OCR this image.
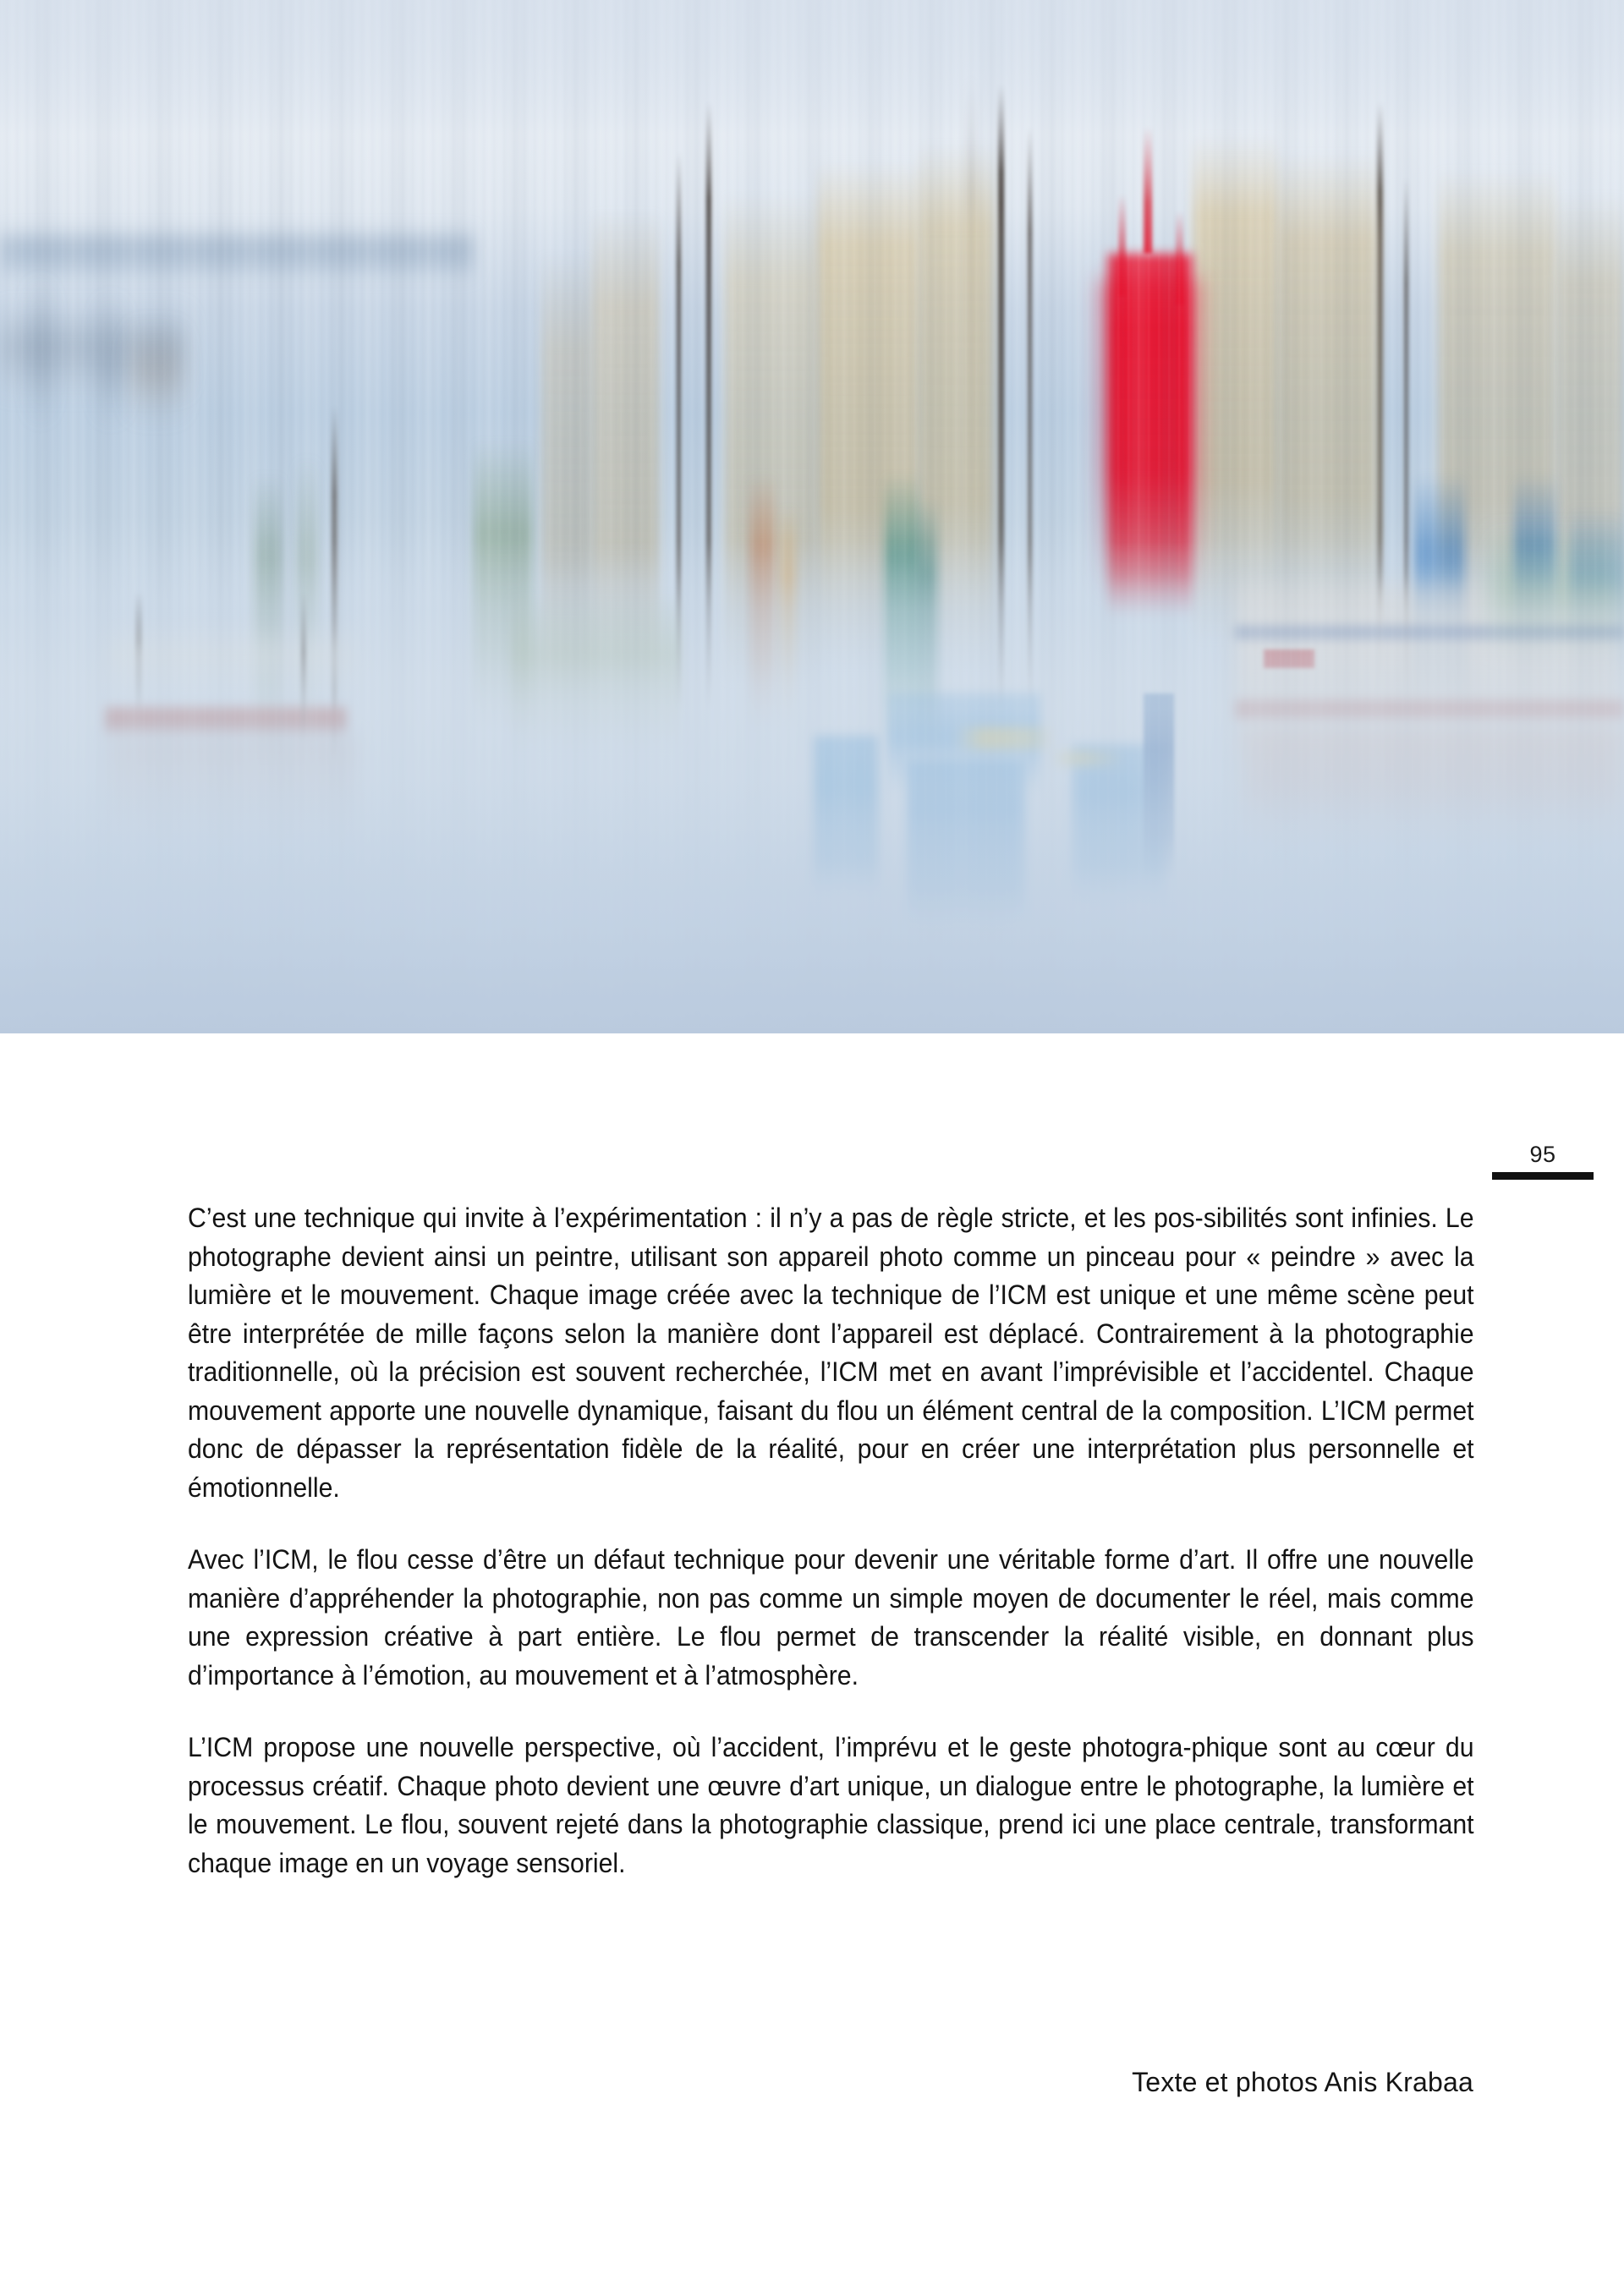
95

C’est une technique qui invite à l’expérimentation : il n’y a pas de règle stricte, et les pos-sibilités sont infinies. Le photographe devient ainsi un peintre, utilisant son appareil photo comme un pinceau pour « peindre » avec la lumière et le mouvement. Chaque image créée avec la technique de l’ICM est unique et une même scène peut être interprétée de mille façons selon la manière dont l’appareil est déplacé. Contrairement à la photographie traditionnelle, où la précision est souvent recherchée, l’ICM met en avant l’imprévisible et l’accidentel. Chaque mouvement apporte une nouvelle dynamique, faisant du flou un élément central de la composition. L’ICM permet donc de dépasser la représentation fidèle de la réalité, pour en créer une interprétation plus personnelle et émotionnelle.

Avec l’ICM, le flou cesse d’être un défaut technique pour devenir une véritable forme d’art. Il offre une nouvelle manière d’appréhender la photographie, non pas comme un simple moyen de documenter le réel, mais comme une expression créative à part entière. Le flou permet de transcender la réalité visible, en donnant plus d’importance à l’émotion, au mouvement et à l’atmosphère.

L’ICM propose une nouvelle perspective, où l’accident, l’imprévu et le geste photogra-phique sont au cœur du processus créatif. Chaque photo devient une œuvre d’art unique, un dialogue entre le photographe, la lumière et le mouvement. Le flou, souvent rejeté dans la photographie classique, prend ici une place centrale, transformant chaque image en un voyage sensoriel.

Texte et photos Anis Krabaa
